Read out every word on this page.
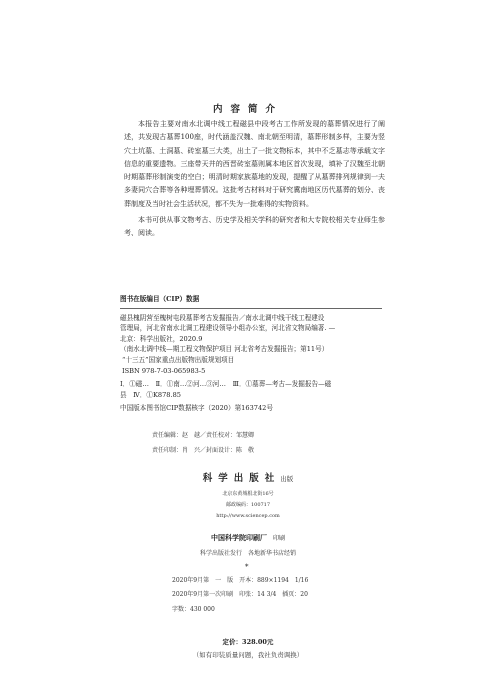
内容简介

本报告主要对南水北调中线工程磁县中段考古工作所发现的墓葬情况进行了阐述，共发现古墓葬100座，时代涵盖汉魏、南北朝至明清，墓葬形制多样，主要为竖穴土坑墓、土洞墓、砖室墓三大类，出土了一批文物标本，其中不乏墓志等承载文字信息的重要遗物。三座带天井的西晋砖室墓则属本地区首次发现，填补了汉魏至北朝时期墓葬形制演变的空白；明清时期家族墓地的发现，提醒了从墓葬排列规律到一夫多妻同穴合葬等各种埋葬情况。这批考古材料对于研究冀南地区历代墓葬的划分、丧葬制度及当时社会生活状况，都不失为一批难得的实物资料。

本书可供从事文物考古、历史学及相关学科的研究者和大专院校相关专业师生参考、阅读。

图书在版编目（CIP）数据
磁县槐阴营至槐树屯段墓葬考古发掘报告／南水北调中线干线工程建设
管理局，河北省南水北调工程建设领导小组办公室，河北省文物局编著. —
北京：科学出版社，2020.9
（南水北调中线—期工程文物保护项目 河北省考古发掘报告；第11号）
“十三五”国家重点出版物出版规划项目
ISBN 978-7-03-065983-5
Ⅰ．①磁…　Ⅱ．①南…②河…③河…　Ⅲ．①墓葬—考古—发掘报告—磁
县　Ⅳ．①K878.85
中国版本图书馆CIP数据核字（2020）第163742号
责任编辑：赵　越／责任校对：邹慧卿
责任印制：肖　兴／封面设计：陈　敬
科学出版社出版
北京东黄城根北街16号
邮政编码：100717
http://www.sciencep.com
中国科学院印刷厂 印刷
科学出版社发行　各地新华书店经销
*
2020年9月第　一　版　开本：889×1194　1/16
2020年9月第一次印刷　印张：14 3/4　插页：20
字数：430 000
定价：328.00元
（如有印装质量问题，我社负责调换）
